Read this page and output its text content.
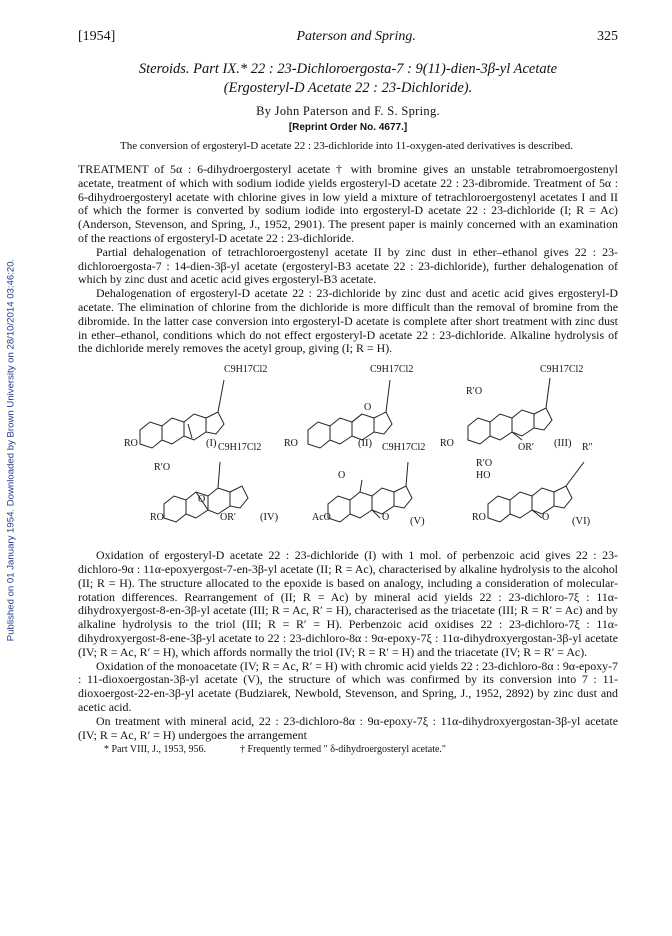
Published on 01 January 1954. Downloaded by Brown University on 28/10/2014 03:46:20.
[1954]	Paterson and Spring.	325
Steroids. Part IX.* 22 : 23-Dichloroergosta-7 : 9(11)-dien-3β-yl Acetate
(Ergosteryl-D Acetate 22 : 23-Dichloride).
By John Paterson and F. S. Spring.
[Reprint Order No. 4677.]

The conversion of ergosteryl-D acetate 22 : 23-dichloride into 11-oxygen-ated derivatives is described.

TREATMENT of 5α : 6-dihydroergosteryl acetate † with bromine gives an unstable tetrabromoergostenyl acetate, treatment of which with sodium iodide yields ergosteryl-D acetate 22 : 23-dibromide. Treatment of 5α : 6-dihydroergosteryl acetate with chlorine gives in low yield a mixture of tetrachloroergostenyl acetates I and II of which the former is converted by sodium iodide into ergosteryl-D acetate 22 : 23-dichloride (I; R = Ac) (Anderson, Stevenson, and Spring, J., 1952, 2901). The present paper is mainly concerned with an examination of the reactions of ergosteryl-D acetate 22 : 23-dichloride.

Partial dehalogenation of tetrachloroergostenyl acetate II by zinc dust in ether–ethanol gives 22 : 23-dichloroergosta-7 : 14-dien-3β-yl acetate (ergosteryl-B3 acetate 22 : 23-dichloride), further dehalogenation of which by zinc dust and acetic acid gives ergosteryl-B3 acetate.

Dehalogenation of ergosteryl-D acetate 22 : 23-dichloride by zinc dust and acetic acid gives ergosteryl-D acetate. The elimination of chlorine from the dichloride is more difficult than the removal of bromine from the dibromide. In the latter case conversion into ergosteryl-D acetate is complete after short treatment with zinc dust in ether–ethanol, conditions which do not effect ergosteryl-D acetate 22 : 23-dichloride. Alkaline hydrolysis of the dichloride merely removes the acetyl group, giving (I; R = H).

C9H17Cl2	C9H17Cl2	C9H17Cl2
C9H17Cl2	C9H17Cl2	R″
RO	RO	RO
R′O
OR′
O
RO
R′O
OR′
O
AcO
O
O	RO
R′O
HO
O
(I)	(II)	(III)
(IV)	(V)	(VI)

Oxidation of ergosteryl-D acetate 22 : 23-dichloride (I) with 1 mol. of perbenzoic acid gives 22 : 23-dichloro-9α : 11α-epoxyergost-7-en-3β-yl acetate (II; R = Ac), characterised by alkaline hydrolysis to the alcohol (II; R = H). The structure allocated to the epoxide is based on analogy, including a consideration of molecular-rotation differences. Rearrangement of (II; R = Ac) by mineral acid yields 22 : 23-dichloro-7ξ : 11α-dihydroxyergost-8-en-3β-yl acetate (III; R = Ac, R′ = H), characterised as the triacetate (III; R = R′ = Ac) and by alkaline hydrolysis to the triol (III; R = R′ = H). Perbenzoic acid oxidises 22 : 23-dichloro-7ξ : 11α-dihydroxyergost-8-ene-3β-yl acetate to 22 : 23-dichloro-8α : 9α-epoxy-7ξ : 11α-dihydroxyergostan-3β-yl acetate (IV; R = Ac, R′ = H), which affords normally the triol (IV; R = R′ = H) and the triacetate (IV; R = R′ = Ac).

Oxidation of the monoacetate (IV; R = Ac, R′ = H) with chromic acid yields 22 : 23-dichloro-8α : 9α-epoxy-7 : 11-dioxoergostan-3β-yl acetate (V), the structure of which was confirmed by its conversion into 7 : 11-dioxoergost-22-en-3β-yl acetate (Budziarek, Newbold, Stevenson, and Spring, J., 1952, 2892) by zinc dust and acetic acid.

On treatment with mineral acid, 22 : 23-dichloro-8α : 9α-epoxy-7ξ : 11α-dihydroxyergostan-3β-yl acetate (IV; R = Ac, R′ = H) undergoes the arrangement

* Part VIII, J., 1953, 956.	† Frequently termed " δ-dihydroergosteryl acetate."
